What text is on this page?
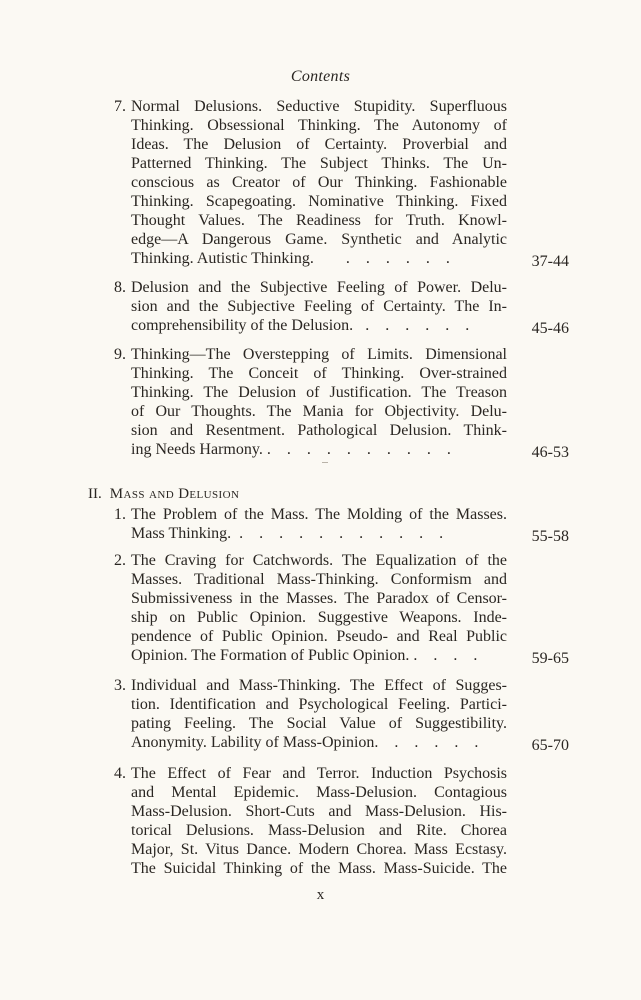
Contents
7. Normal Delusions. Seductive Stupidity. Superfluous
Thinking. Obsessional Thinking. The Autonomy of
Ideas. The Delusion of Certainty. Proverbial and
Patterned Thinking. The Subject Thinks. The Un-
conscious as Creator of Our Thinking. Fashionable
Thinking. Scapegoating. Nominative Thinking. Fixed
Thought Values. The Readiness for Truth. Knowl-
edge—A Dangerous Game. Synthetic and Analytic
Thinking. Autistic Thinking. . . . . . .	37-44
8. Delusion and the Subjective Feeling of Power. Delu-
sion and the Subjective Feeling of Certainty. The In-
comprehensibility of the Delusion. . . . . . .	45-46
9. Thinking—The Overstepping of Limits. Dimensional
Thinking. The Conceit of Thinking. Over-strained
Thinking. The Delusion of Justification. The Treason
of Our Thoughts. The Mania for Objectivity. Delu-
sion and Resentment. Pathological Delusion. Think-
ing Needs Harmony. . . . . . . . . . .	46-53
II. Mass and Delusion
1. The Problem of the Mass. The Molding of the Masses.
Mass Thinking. . . . . . . . . . . .	55-58
2. The Craving for Catchwords. The Equalization of the
Masses. Traditional Mass-Thinking. Conformism and
Submissiveness in the Masses. The Paradox of Censor-
ship on Public Opinion. Suggestive Weapons. Inde-
pendence of Public Opinion. Pseudo- and Real Public
Opinion. The Formation of Public Opinion. . . . .	59-65
3. Individual and Mass-Thinking. The Effect of Sugges-
tion. Identification and Psychological Feeling. Partici-
pating Feeling. The Social Value of Suggestibility.
Anonymity. Lability of Mass-Opinion. . . . . .	65-70
4. The Effect of Fear and Terror. Induction Psychosis
and Mental Epidemic. Mass-Delusion. Contagious
Mass-Delusion. Short-Cuts and Mass-Delusion. His-
torical Delusions. Mass-Delusion and Rite. Chorea
Major, St. Vitus Dance. Modern Chorea. Mass Ecstasy.
The Suicidal Thinking of the Mass. Mass-Suicide. The
x
